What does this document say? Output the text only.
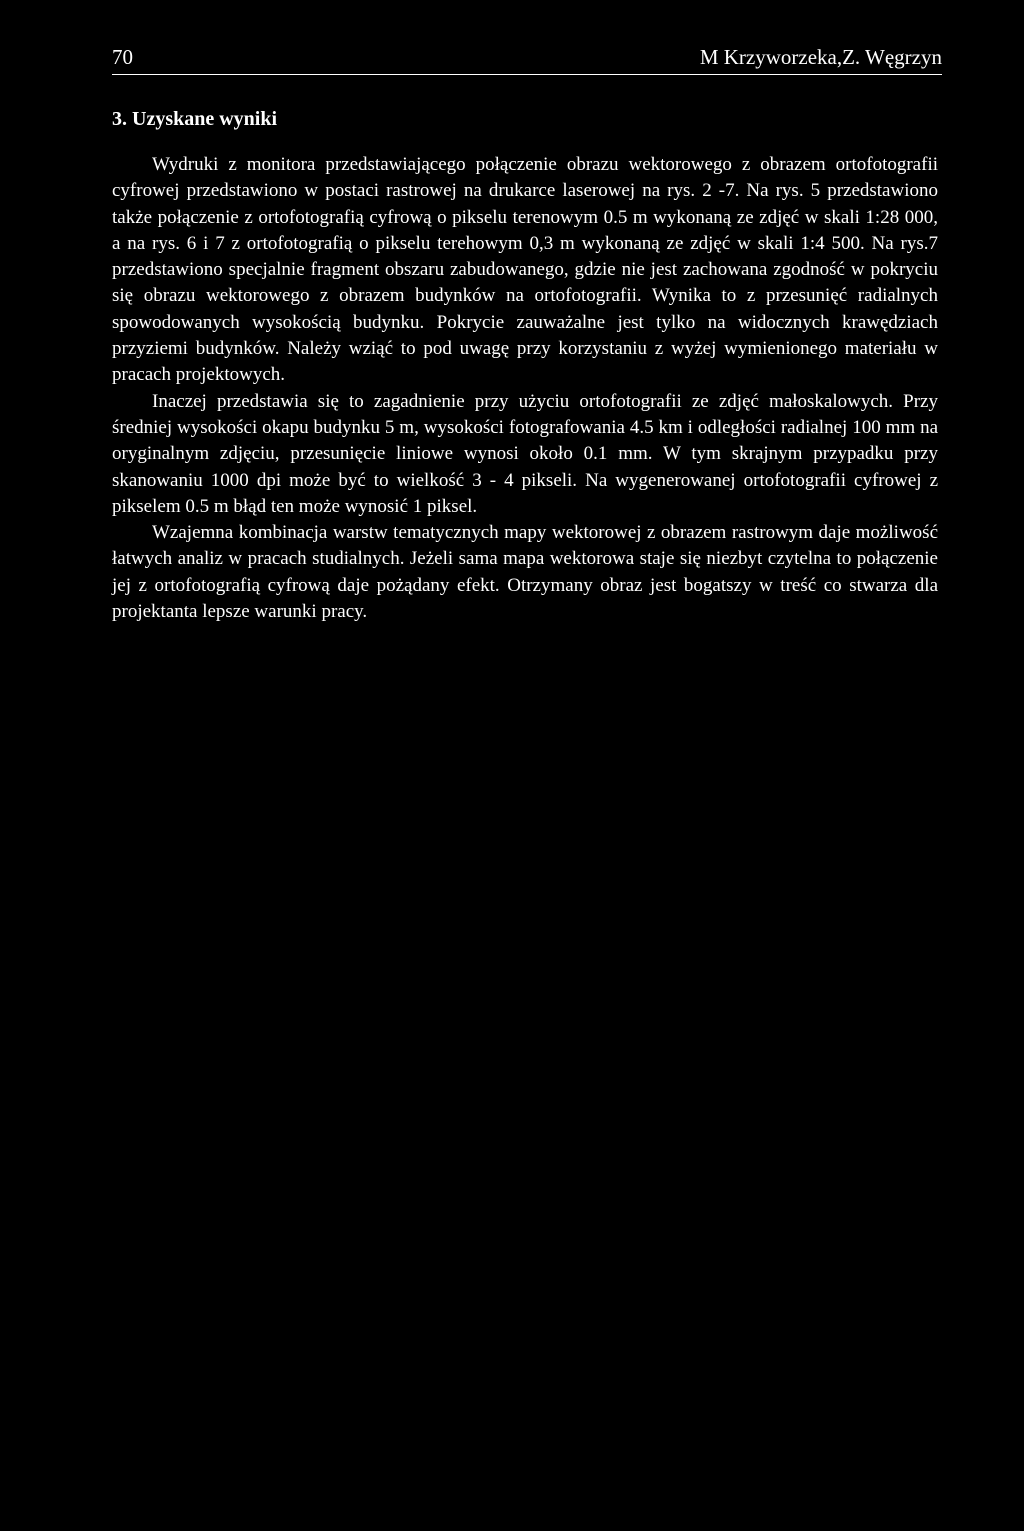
70	M Krzyworzeka,Z. Węgrzyn
3. Uzyskane wyniki

Wydruki z monitora przedstawiającego połączenie obrazu wektorowego z obrazem ortofotografii cyfrowej przedstawiono w postaci rastrowej na drukarce laserowej na rys. 2 -7. Na rys. 5 przedstawiono także połączenie z ortofotografią cyfrową o pikselu terenowym 0.5 m wykonaną ze zdjęć w skali 1:28 000, a na rys. 6 i 7 z ortofotografią o pikselu terehowym 0,3 m wykonaną ze zdjęć w skali 1:4 500. Na rys.7 przedstawiono specjalnie fragment obszaru zabudowanego, gdzie nie jest zachowana zgodność w pokryciu się obrazu wektorowego z obrazem budynków na ortofotografii. Wynika to z przesunięć radialnych spowodowanych wysokością budynku. Pokrycie zauważalne jest tylko na widocznych krawędziach przyziemi budynków. Należy wziąć to pod uwagę przy korzystaniu z wyżej wymienionego materiału w pracach projektowych.

Inaczej przedstawia się to zagadnienie przy użyciu ortofotografii ze zdjęć małoskalowych. Przy średniej wysokości okapu budynku 5 m, wysokości fotografowania 4.5 km i odległości radialnej 100 mm na oryginalnym zdjęciu, przesunięcie liniowe wynosi około 0.1 mm. W tym skrajnym przypadku przy skanowaniu 1000 dpi może być to wielkość 3 - 4 pikseli. Na wygenerowanej ortofotografii cyfrowej z pikselem 0.5 m błąd ten może wynosić 1 piksel.

Wzajemna kombinacja warstw tematycznych mapy wektorowej z obrazem rastrowym daje możliwość łatwych analiz w pracach studialnych. Jeżeli sama mapa wektorowa staje się niezbyt czytelna to połączenie jej z ortofotografią cyfrową daje pożądany efekt. Otrzymany obraz jest bogatszy w treść co stwarza dla projektanta lepsze warunki pracy.
